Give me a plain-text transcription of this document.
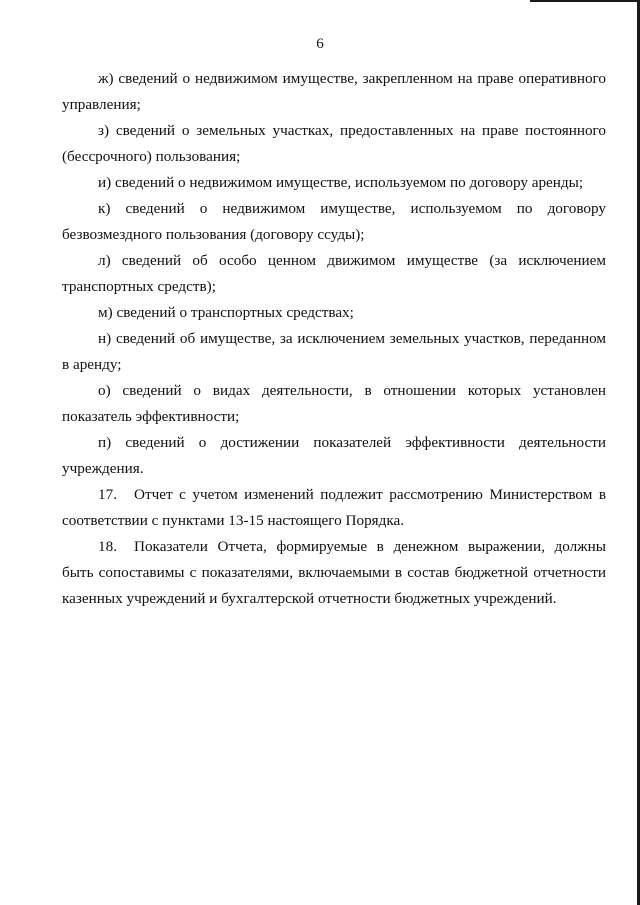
6

ж) сведений о недвижимом имуществе, закрепленном на праве оперативного управления;

з) сведений о земельных участках, предоставленных на праве постоянного (бессрочного) пользования;

и) сведений о недвижимом имуществе, используемом по договору аренды;

к) сведений о недвижимом имуществе, используемом по договору безвозмездного пользования (договору ссуды);

л) сведений об особо ценном движимом имуществе (за исключением транспортных средств);

м) сведений о транспортных средствах;

н) сведений об имуществе, за исключением земельных участков, переданном в аренду;

о) сведений о видах деятельности, в отношении которых установлен показатель эффективности;

п) сведений о достижении показателей эффективности деятельности учреждения.

17. Отчет с учетом изменений подлежит рассмотрению Министерством в соответствии с пунктами 13-15 настоящего Порядка.

18. Показатели Отчета, формируемые в денежном выражении, должны быть сопоставимы с показателями, включаемыми в состав бюджетной отчетности казенных учреждений и бухгалтерской отчетности бюджетных учреждений.
